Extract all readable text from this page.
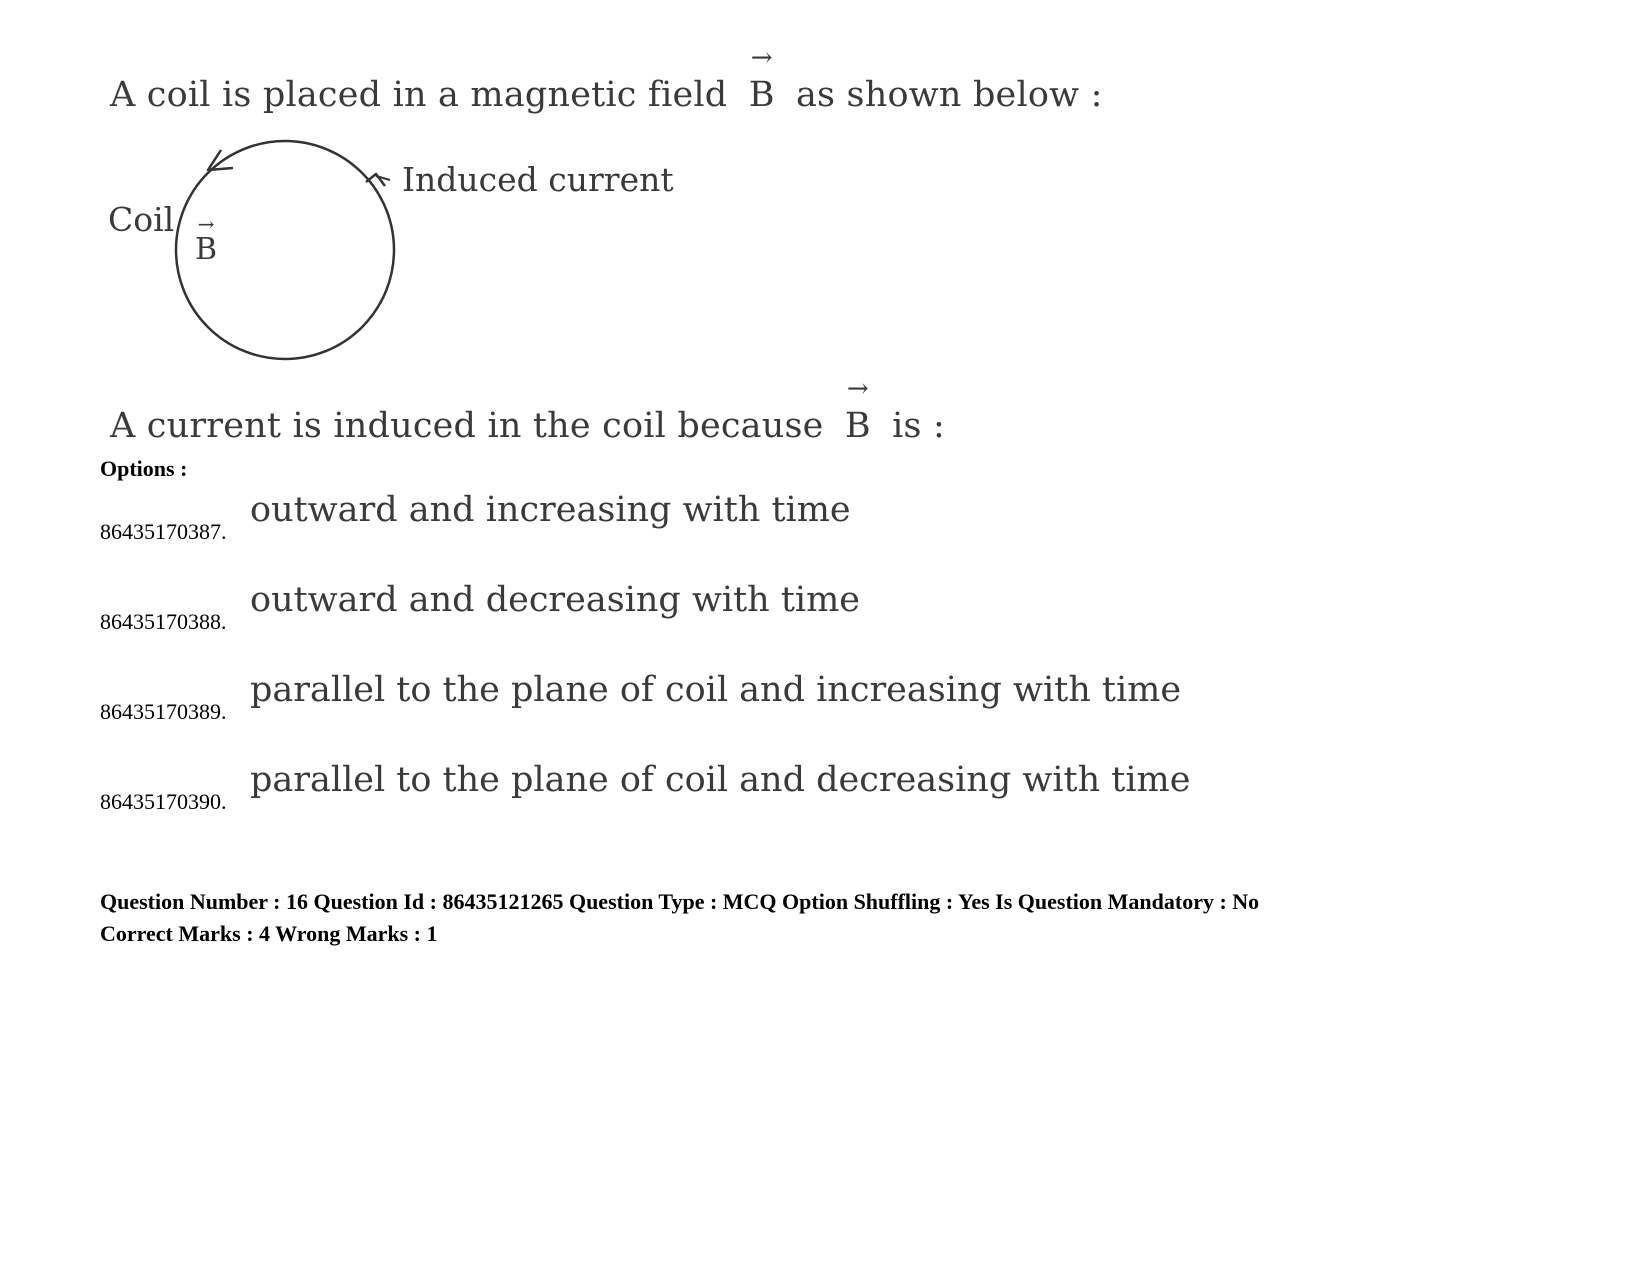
A coil is placed in a magnetic field
→
B as shown below :
Coil
Induced current
→
B
A current is induced in the coil because
→
B is :
Options :
86435170387.
outward and increasing with time
86435170388.
outward and decreasing with time
86435170389.
parallel to the plane of coil and increasing with time
86435170390.
parallel to the plane of coil and decreasing with time
Question Number : 16 Question Id : 86435121265 Question Type : MCQ Option Shuffling : Yes Is Question Mandatory : No
Correct Marks : 4 Wrong Marks : 1
